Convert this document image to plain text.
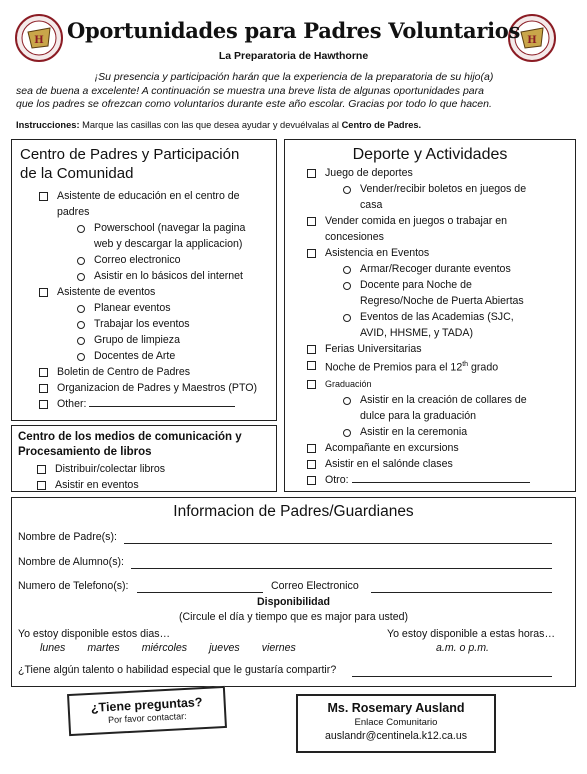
H	H
Oportunidades para Padres Voluntarios
La Preparatoria de Hawthorne
¡Su presencia y participación harán que la experiencia de la preparatoria de su hijo(a)
sea de buena a excelente! A continuación se muestra una breve lista de algunas oportunidades para
que los padres se ofrezcan como voluntarios durante este año escolar. Gracias por todo lo que hacen.
Instrucciones: Marque las casillas con las que desea ayudar y devuélvalas al Centro de Padres.
Centro de Padres y Participación
de la Comunidad
Asistente de educación en el centro de
padres
Powerschool (navegar la pagina
web y descargar la applicacion)
Correo electronico
Asistir en lo básicos del internet
Asistente de eventos
Planear eventos
Trabajar los eventos
Grupo de limpieza
Docentes de Arte
Boletin de Centro de Padres
Organizacion de Padres y Maestros (PTO)
Other:
Centro de los medios de comunicación y
Procesamiento de libros
Distribuir/colectar libros
Asistir en eventos
Deporte y Actividades
Juego de deportes
Vender/recibir boletos en juegos de
casa
Vender comida en juegos o trabajar en
concesiones
Asistencia en Eventos
Armar/Recoger durante eventos
Docente para Noche de
Regreso/Noche de Puerta Abiertas
Eventos de las Academias (SJC,
AVID, HHSME, y TADA)
Ferias Universitarias
Noche de Premios para el 12th grado
Graduación
Asistir en la creación de collares de
dulce para la graduación
Asistir en la ceremonia
Acompañante en excursions
Asistir en el salónde clases
Otro:
Informacion de Padres/Guardianes
Nombre de Padre(s):
Nombre de Alumno(s):
Numero de Telefono(s):	Correo Electronico
Disponibilidad
(Circule el día y tiempo que es major para usted)
Yo estoy disponible estos dias…	Yo estoy disponible a estas horas…
lunes martes miércoles jueves viernes	a.m. o p.m.
¿Tiene algún talento o habilidad especial que le gustaría compartir?
¿Tiene preguntas?
Por favor contactar:
Ms. Rosemary Ausland
Enlace Comunitario
auslandr@centinela.k12.ca.us
